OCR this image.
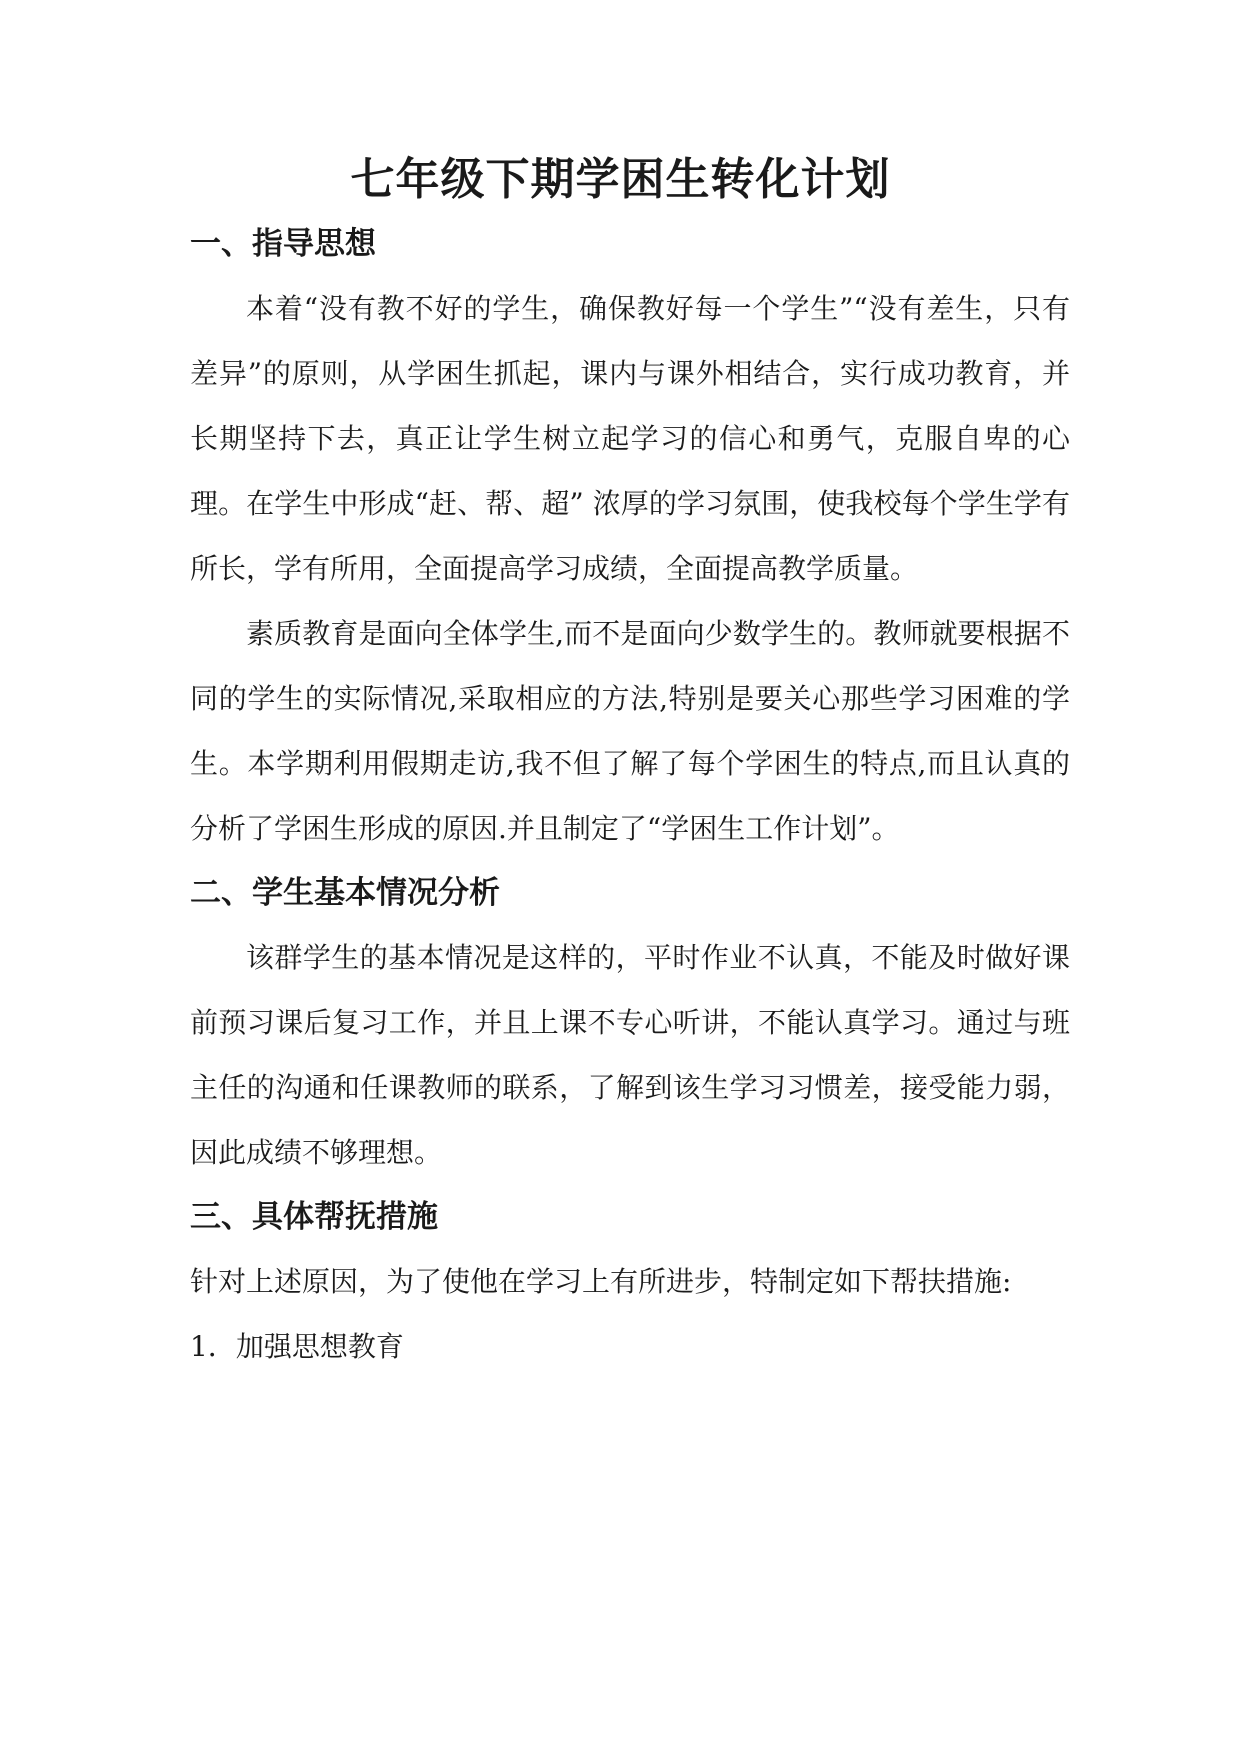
七年级下期学困生转化计划
一、指导思想

本着“没有教不好的学生，确保教好每一个学生”“没有差生，只有差异”的原则，从学困生抓起，课内与课外相结合，实行成功教育，并长期坚持下去，真正让学生树立起学习的信心和勇气，克服自卑的心理。在学生中形成“赶、帮、超” 浓厚的学习氛围，使我校每个学生学有所长，学有所用，全面提高学习成绩，全面提高教学质量。

素质教育是面向全体学生,而不是面向少数学生的。教师就要根据不同的学生的实际情况,采取相应的方法,特别是要关心那些学习困难的学生。本学期利用假期走访,我不但了解了每个学困生的特点,而且认真的分析了学困生形成的原因.并且制定了“学困生工作计划”。

二、学生基本情况分析

该群学生的基本情况是这样的，平时作业不认真，不能及时做好课前预习课后复习工作，并且上课不专心听讲，不能认真学习。通过与班主任的沟通和任课教师的联系，了解到该生学习习惯差，接受能力弱，因此成绩不够理想。

三、具体帮抚措施

针对上述原因，为了使他在学习上有所进步，特制定如下帮扶措施:

1．加强思想教育
